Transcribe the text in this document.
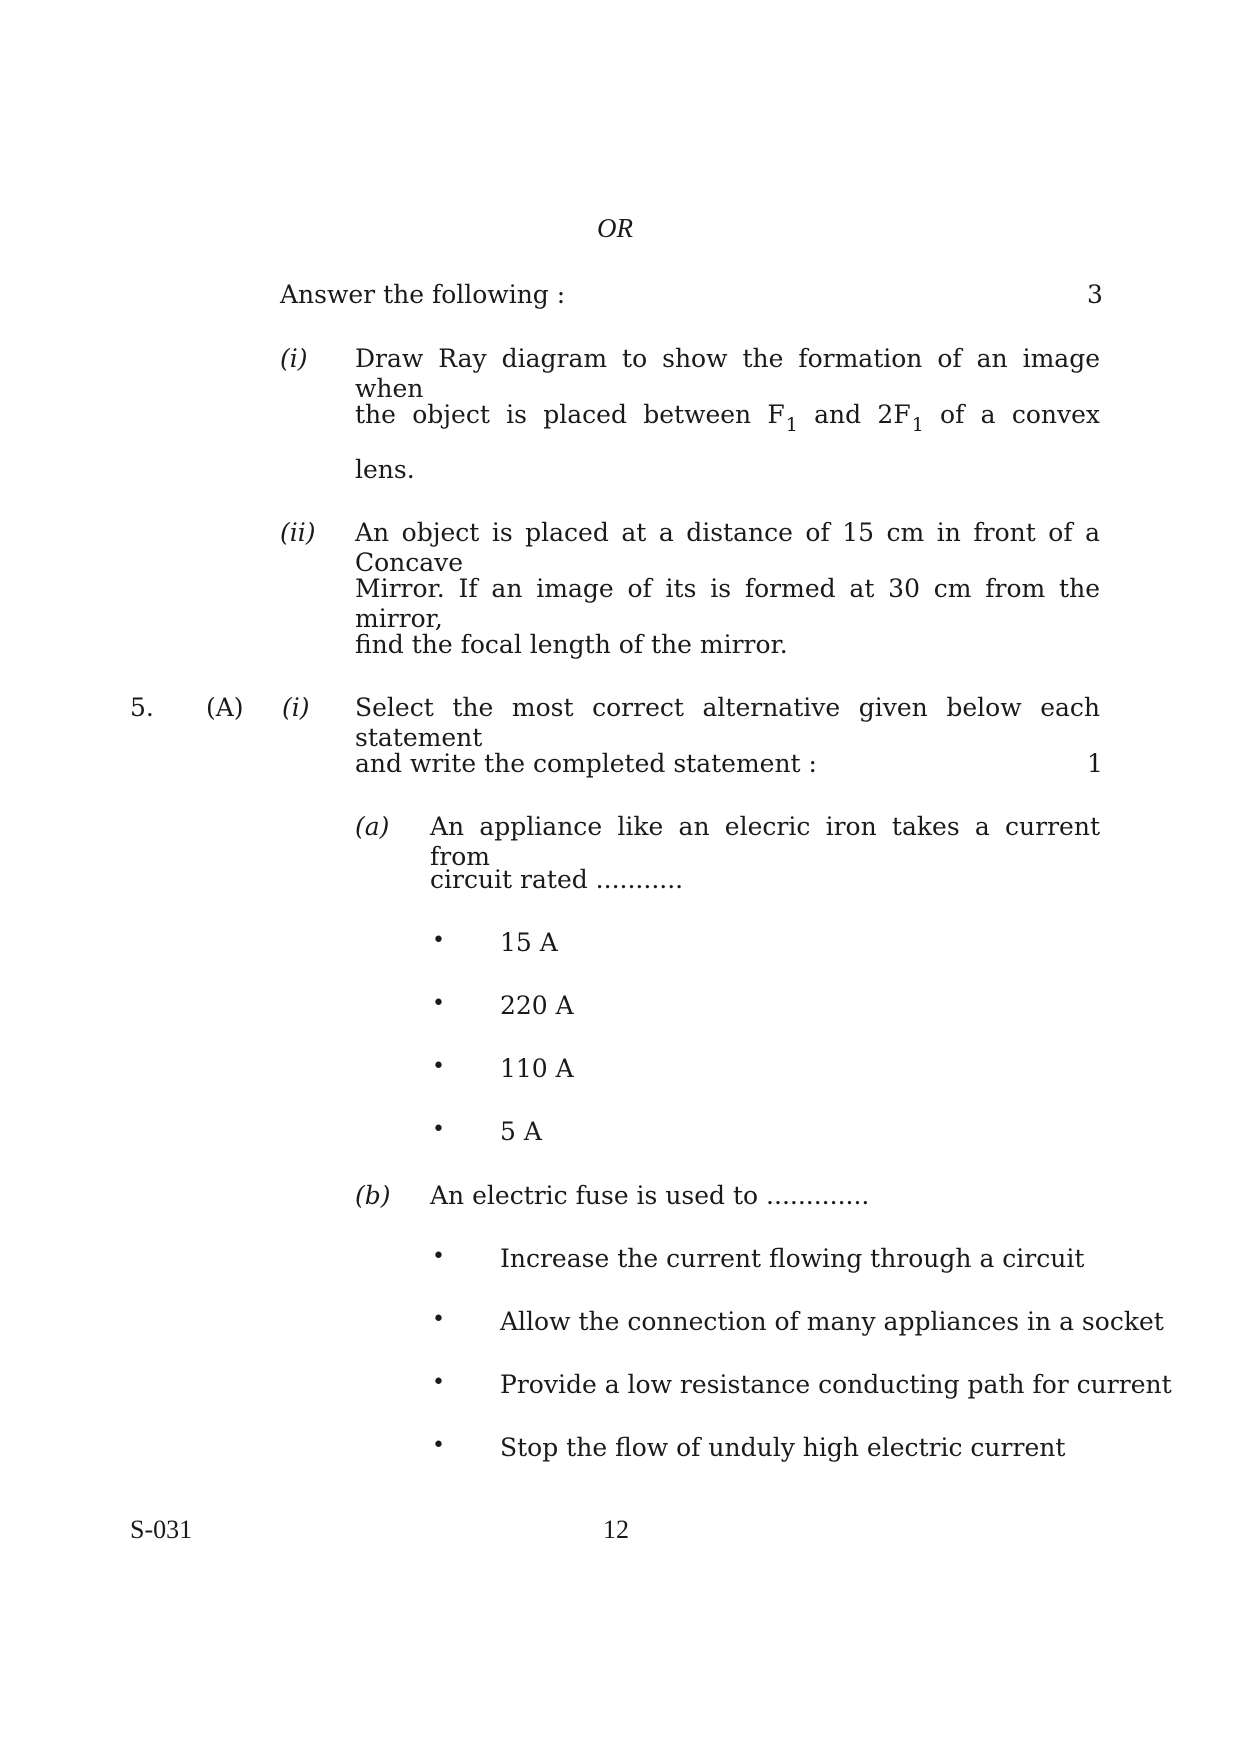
OR
Answer the following :	3
(i) Draw Ray diagram to show the formation of an image when
the object is placed between $F_1$ and $2F_1$ of a convex
lens.
(ii) An object is placed at a distance of 15 cm in front of a Concave
Mirror. If an image of its is formed at 30 cm from the mirror,
find the focal length of the mirror.
5. (A) (i) Select the most correct alternative given below each statement
and write the completed statement :	1
(a) An appliance like an elecric iron takes a current from
circuit rated ...........
• 15 A
• 220 A
• 110 A
• 5 A
(b) An electric fuse is used to .............
• Increase the current flowing through a circuit
• Allow the connection of many appliances in a socket
• Provide a low resistance conducting path for current
• Stop the flow of unduly high electric current
S-031	12
